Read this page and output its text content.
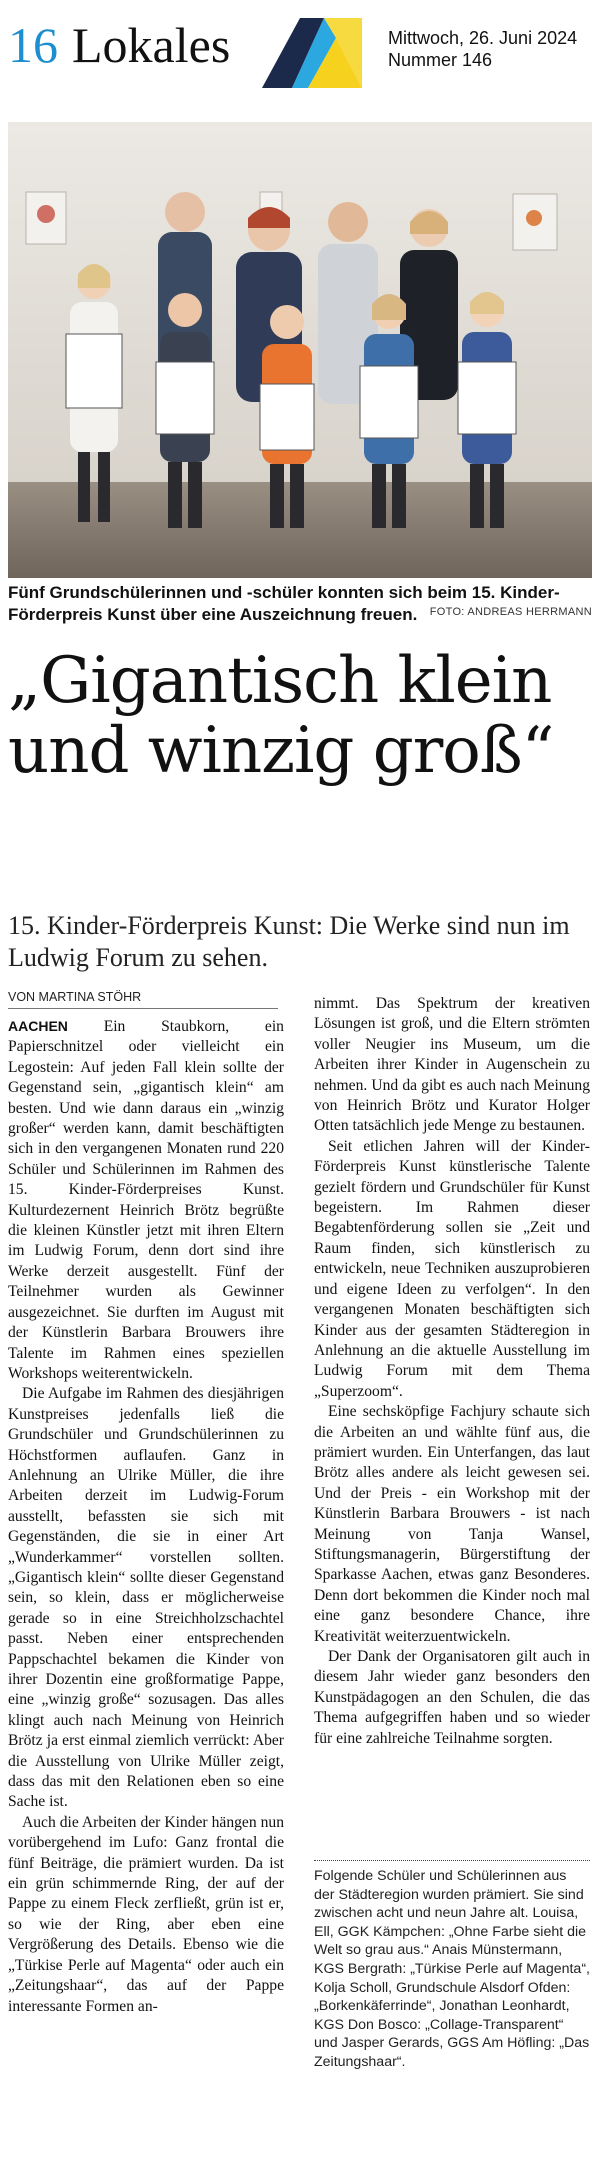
16 Lokales	Mittwoch, 26. Juni 2024
Nummer 146
Fünf Grundschülerinnen und -schüler konnten sich beim 15. Kinder-Förderpreis Kunst über eine Auszeichnung freuen.	FOTO: ANDREAS HERRMANN
„Gigantisch klein und winzig groß“
15. Kinder-Förderpreis Kunst: Die Werke sind nun im Ludwig Forum zu sehen.
VON MARTINA STÖHR

AACHEN Ein Staubkorn, ein Papierschnitzel oder vielleicht ein Legostein: Auf jeden Fall klein sollte der Gegenstand sein, „gigantisch klein“ am besten. Und wie dann daraus ein „winzig großer“ werden kann, damit beschäftigten sich in den vergangenen Monaten rund 220 Schüler und Schülerinnen im Rahmen des 15. Kinder-Förderpreises Kunst. Kulturdezernent Heinrich Brötz begrüßte die kleinen Künstler jetzt mit ihren Eltern im Ludwig Forum, denn dort sind ihre Werke derzeit ausgestellt. Fünf der Teilnehmer wurden als Gewinner ausgezeichnet. Sie durften im August mit der Künstlerin Barbara Brouwers ihre Talente im Rahmen eines speziellen Workshops weiterentwickeln.

Die Aufgabe im Rahmen des diesjährigen Kunstpreises jedenfalls ließ die Grundschüler und Grundschülerinnen zu Höchstformen auflaufen. Ganz in Anlehnung an Ulrike Müller, die ihre Arbeiten derzeit im Ludwig-Forum ausstellt, befassten sie sich mit Gegenständen, die sie in einer Art „Wunderkammer“ vorstellen sollten. „Gigantisch klein“ sollte dieser Gegenstand sein, so klein, dass er möglicherweise gerade so in eine Streichholzschachtel passt. Neben einer entsprechenden Pappschachtel bekamen die Kinder von ihrer Dozentin eine großformatige Pappe, eine „winzig große“ sozusagen. Das alles klingt auch nach Meinung von Heinrich Brötz ja erst einmal ziemlich verrückt: Aber die Ausstellung von Ulrike Müller zeigt, dass das mit den Relationen eben so eine Sache ist.

Auch die Arbeiten der Kinder hängen nun vorübergehend im Lufo: Ganz frontal die fünf Beiträge, die prämiert wurden. Da ist ein grün schimmernde Ring, der auf der Pappe zu einem Fleck zerfließt, grün ist er, so wie der Ring, aber eben eine Vergrößerung des Details. Ebenso wie die „Türkise Perle auf Magenta“ oder auch ein „Zeitungshaar“, das auf der Pappe interessante Formen an-

nimmt. Das Spektrum der kreativen Lösungen ist groß, und die Eltern strömten voller Neugier ins Museum, um die Arbeiten ihrer Kinder in Augenschein zu nehmen. Und da gibt es auch nach Meinung von Heinrich Brötz und Kurator Holger Otten tatsächlich jede Menge zu bestaunen.

Seit etlichen Jahren will der Kinder-Förderpreis Kunst künstlerische Talente gezielt fördern und Grundschüler für Kunst begeistern. Im Rahmen dieser Begabtenförderung sollen sie „Zeit und Raum finden, sich künstlerisch zu entwickeln, neue Techniken auszuprobieren und eigene Ideen zu verfolgen“. In den vergangenen Monaten beschäftigten sich Kinder aus der gesamten Städteregion in Anlehnung an die aktuelle Ausstellung im Ludwig Forum mit dem Thema „Superzoom“.

Eine sechsköpfige Fachjury schaute sich die Arbeiten an und wählte fünf aus, die prämiert wurden. Ein Unterfangen, das laut Brötz alles andere als leicht gewesen sei. Und der Preis - ein Workshop mit der Künstlerin Barbara Brouwers - ist nach Meinung von Tanja Wansel, Stiftungsmanagerin, Bürgerstiftung der Sparkasse Aachen, etwas ganz Besonderes. Denn dort bekommen die Kinder noch mal eine ganz besondere Chance, ihre Kreativität weiterzuentwickeln.

Der Dank der Organisatoren gilt auch in diesem Jahr wieder ganz besonders den Kunstpädagogen an den Schulen, die das Thema aufgegriffen haben und so wieder für eine zahlreiche Teilnahme sorgten.

Folgende Schüler und Schülerinnen aus der Städteregion wurden prämiert. Sie sind zwischen acht und neun Jahre alt. Louisa, Ell, GGK Kämpchen: „Ohne Farbe sieht die Welt so grau aus.“ Anais Münstermann, KGS Bergrath: „Türkise Perle auf Magenta“, Kolja Scholl, Grundschule Alsdorf Ofden: „Borkenkäferrinde“, Jonathan Leonhardt, KGS Don Bosco: „Collage-Transparent“ und Jasper Gerards, GGS Am Höfling: „Das Zeitungshaar“.
